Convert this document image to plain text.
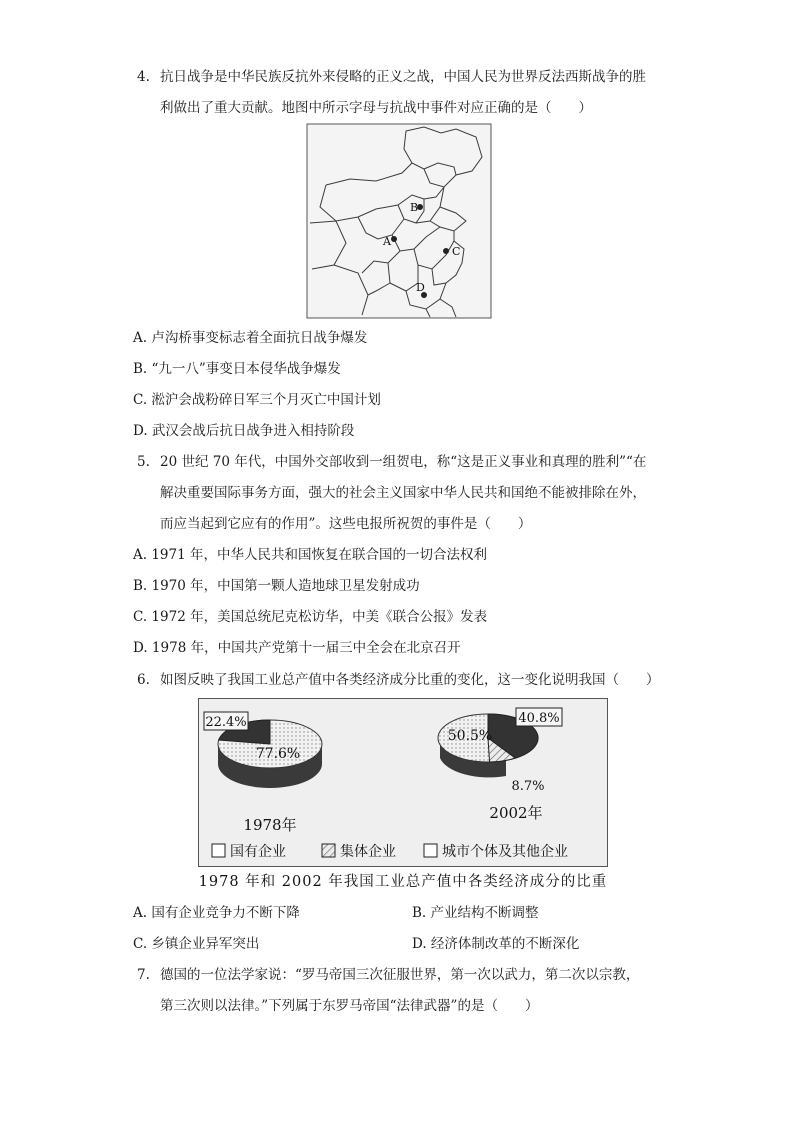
4. 抗日战争是中华民族反抗外来侵略的正义之战，中国人民为世界反法西斯战争的胜
利做出了重大贡献。地图中所示字母与抗战中事件对应正确的是（　　）
B
A
C
D
A. 卢沟桥事变标志着全面抗日战争爆发
B. “九一八”事变日本侵华战争爆发
C. 淞沪会战粉碎日军三个月灭亡中国计划
D. 武汉会战后抗日战争进入相持阶段
5. 20 世纪 70 年代，中国外交部收到一组贺电，称“这是正义事业和真理的胜利”“在
解决重要国际事务方面，强大的社会主义国家中华人民共和国绝不能被排除在外，
而应当起到它应有的作用”。这些电报所祝贺的事件是（　　）
A. 1971 年，中华人民共和国恢复在联合国的一切合法权利
B. 1970 年，中国第一颗人造地球卫星发射成功
C. 1972 年，美国总统尼克松访华，中美《联合公报》发表
D. 1978 年，中国共产党第十一届三中全会在北京召开
6. 如图反映了我国工业总产值中各类经济成分比重的变化，这一变化说明我国（　　）
77.6%
22.4%
1978年
50.5%
40.8%
8.7%
2002年
国有企业	集体企业	城市个体及其他企业
1978 年和 2002 年我国工业总产值中各类经济成分的比重
A. 国有企业竞争力不断下降	B. 产业结构不断调整
C. 乡镇企业异军突出	D. 经济体制改革的不断深化
7. 德国的一位法学家说：“罗马帝国三次征服世界，第一次以武力，第二次以宗教，
第三次则以法律。”下列属于东罗马帝国“法律武器”的是（　　）
